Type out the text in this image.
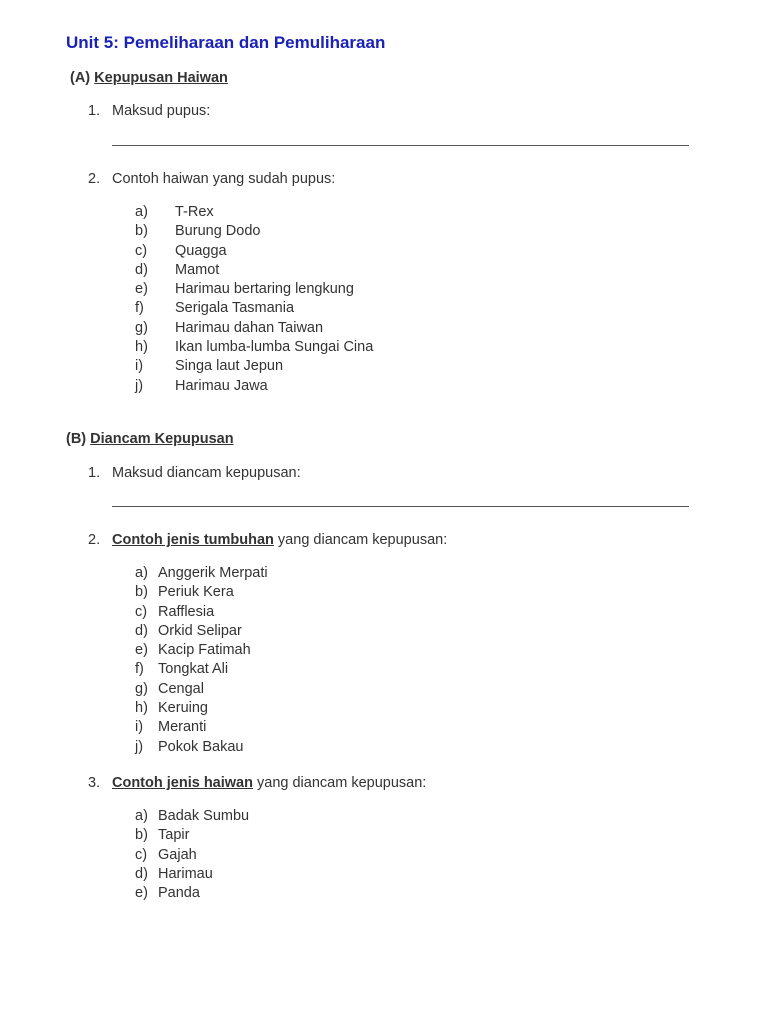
Unit 5: Pemeliharaan dan Pemuliharaan
(A) Kepupusan Haiwan
1. Maksud pupus:
2. Contoh haiwan yang sudah pupus:
a) T-Rex
b) Burung Dodo
c) Quagga
d) Mamot
e) Harimau bertaring lengkung
f) Serigala Tasmania
g) Harimau dahan Taiwan
h) Ikan lumba-lumba Sungai Cina
i) Singa laut Jepun
j) Harimau Jawa
(B) Diancam Kepupusan
1. Maksud diancam kepupusan:
2. Contoh jenis tumbuhan yang diancam kepupusan:
a) Anggerik Merpati
b) Periuk Kera
c) Rafflesia
d) Orkid Selipar
e) Kacip Fatimah
f) Tongkat Ali
g) Cengal
h) Keruing
i) Meranti
j) Pokok Bakau
3. Contoh jenis haiwan yang diancam kepupusan:
a) Badak Sumbu
b) Tapir
c) Gajah
d) Harimau
e) Panda
